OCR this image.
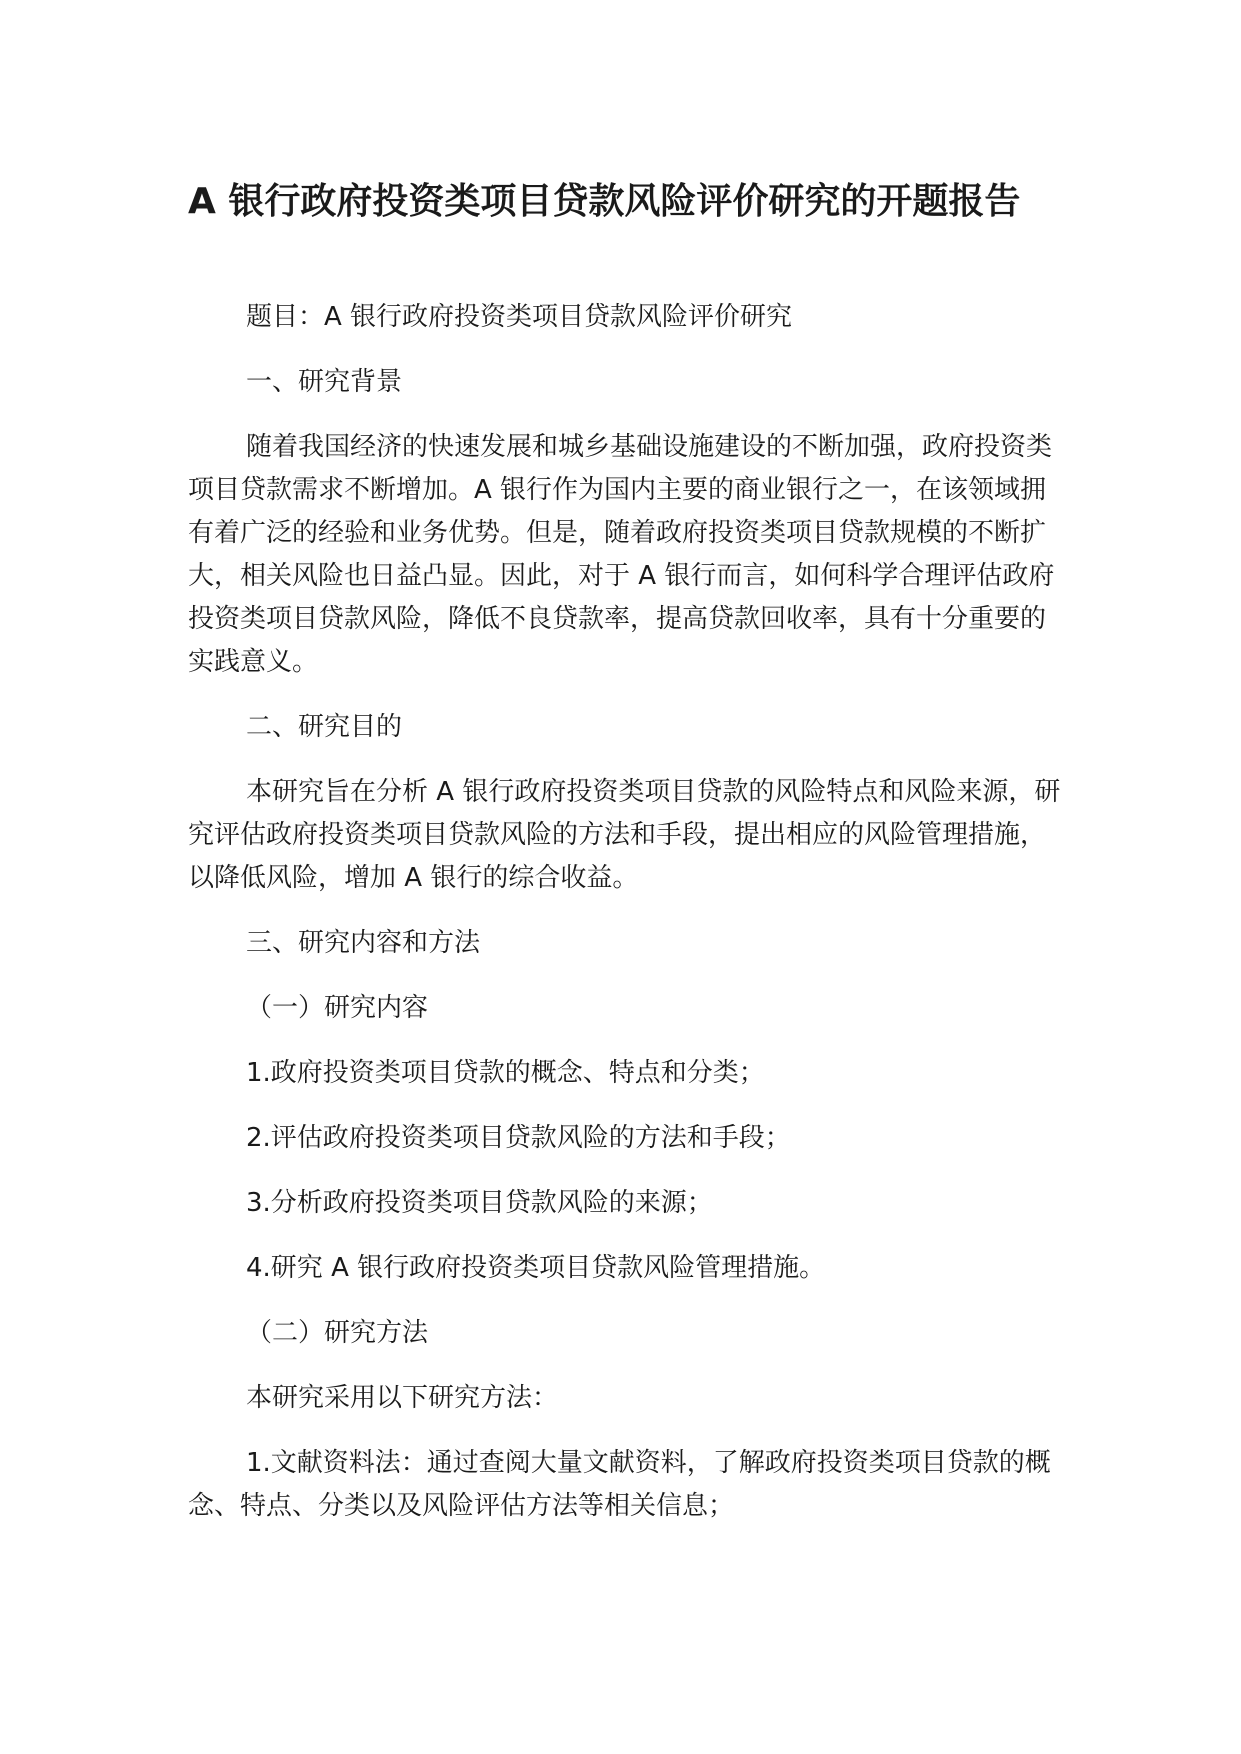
A 银行政府投资类项目贷款风险评价研究的开题报告

题目：A 银行政府投资类项目贷款风险评价研究

一、研究背景

随着我国经济的快速发展和城乡基础设施建设的不断加强，政府投资类项目贷款需求不断增加。A 银行作为国内主要的商业银行之一，在该领域拥有着广泛的经验和业务优势。但是，随着政府投资类项目贷款规模的不断扩大，相关风险也日益凸显。因此，对于 A 银行而言，如何科学合理评估政府投资类项目贷款风险，降低不良贷款率，提高贷款回收率，具有十分重要的实践意义。

二、研究目的

本研究旨在分析 A 银行政府投资类项目贷款的风险特点和风险来源，研究评估政府投资类项目贷款风险的方法和手段，提出相应的风险管理措施，以降低风险，增加 A 银行的综合收益。

三、研究内容和方法

（一）研究内容

1.政府投资类项目贷款的概念、特点和分类；

2.评估政府投资类项目贷款风险的方法和手段；

3.分析政府投资类项目贷款风险的来源；

4.研究 A 银行政府投资类项目贷款风险管理措施。

（二）研究方法

本研究采用以下研究方法：

1.文献资料法：通过查阅大量文献资料，了解政府投资类项目贷款的概念、特点、分类以及风险评估方法等相关信息；
